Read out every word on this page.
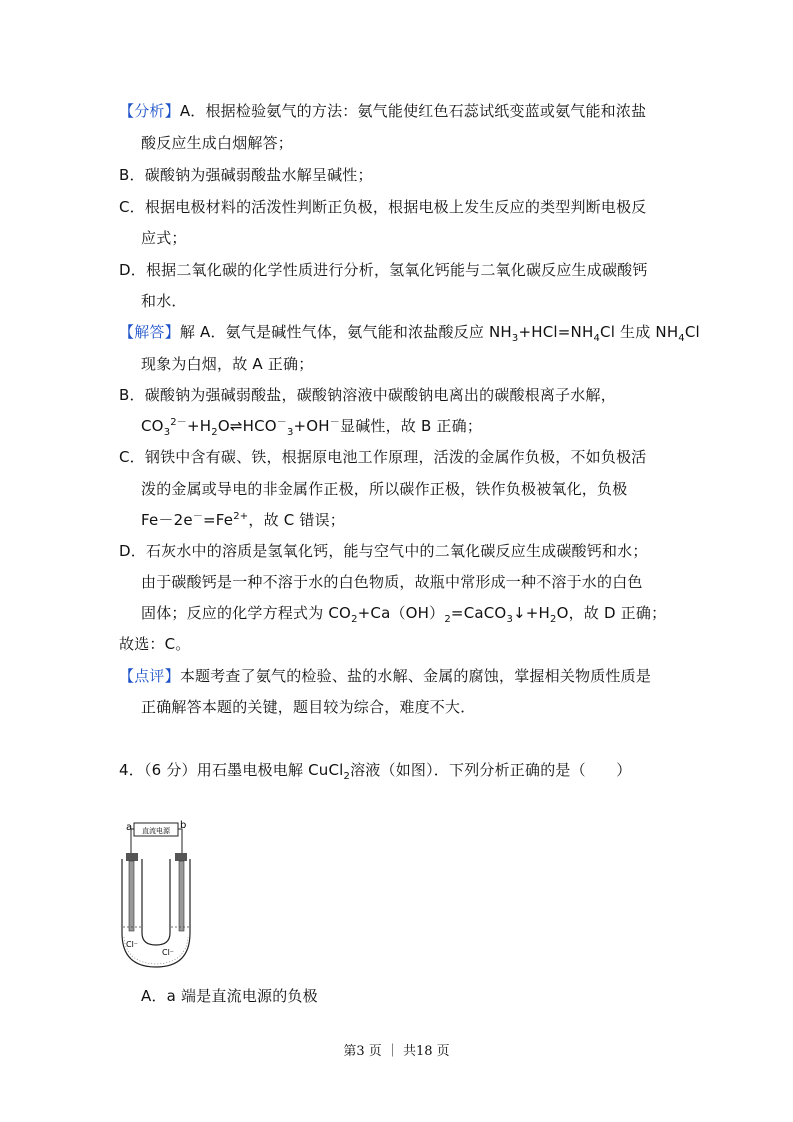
【分析】A．根据检验氨气的方法：氨气能使红色石蕊试纸变蓝或氨气能和浓盐
酸反应生成白烟解答；
B．碳酸钠为强碱弱酸盐水解呈碱性；
C．根据电极材料的活泼性判断正负极，根据电极上发生反应的类型判断电极反
应式；
D．根据二氧化碳的化学性质进行分析，氢氧化钙能与二氧化碳反应生成碳酸钙
和水．
【解答】解 A．氨气是碱性气体，氨气能和浓盐酸反应 $NH_3+HCl=NH_4Cl$ 生成 $NH_4Cl$
现象为白烟，故 A 正确；
B．碳酸钠为强碱弱酸盐，碳酸钠溶液中碳酸钠电离出的碳酸根离子水解，
$CO_3^{2-}+H_2O\rightleftharpoons HCO^-_3+OH^-$显碱性，故 B 正确；
C．钢铁中含有碳、铁，根据原电池工作原理，活泼的金属作负极，不如负极活
泼的金属或导电的非金属作正极，所以碳作正极，铁作负极被氧化，负极
$Fe-2e^-=Fe^{2+}$，故 C 错误；
D．石灰水中的溶质是氢氧化钙，能与空气中的二氧化碳反应生成碳酸钙和水；
由于碳酸钙是一种不溶于水的白色物质，故瓶中常形成一种不溶于水的白色
固体；反应的化学方程式为 $CO_2+Ca(OH)_2=CaCO_3↓+H_2O$，故 D 正确；
故选：C。
【点评】本题考查了氨气的检验、盐的水解、金属的腐蚀，掌握相关物质性质是
正确解答本题的关键，题目较为综合，难度不大．
4．（6 分）用石墨电极电解 CuCl$_2$溶液（如图）．下列分析正确的是（　　）
直流电源
a	b
Cl⁻
Cl⁻
A．a 端是直流电源的负极
第3 页 ｜ 共18 页
